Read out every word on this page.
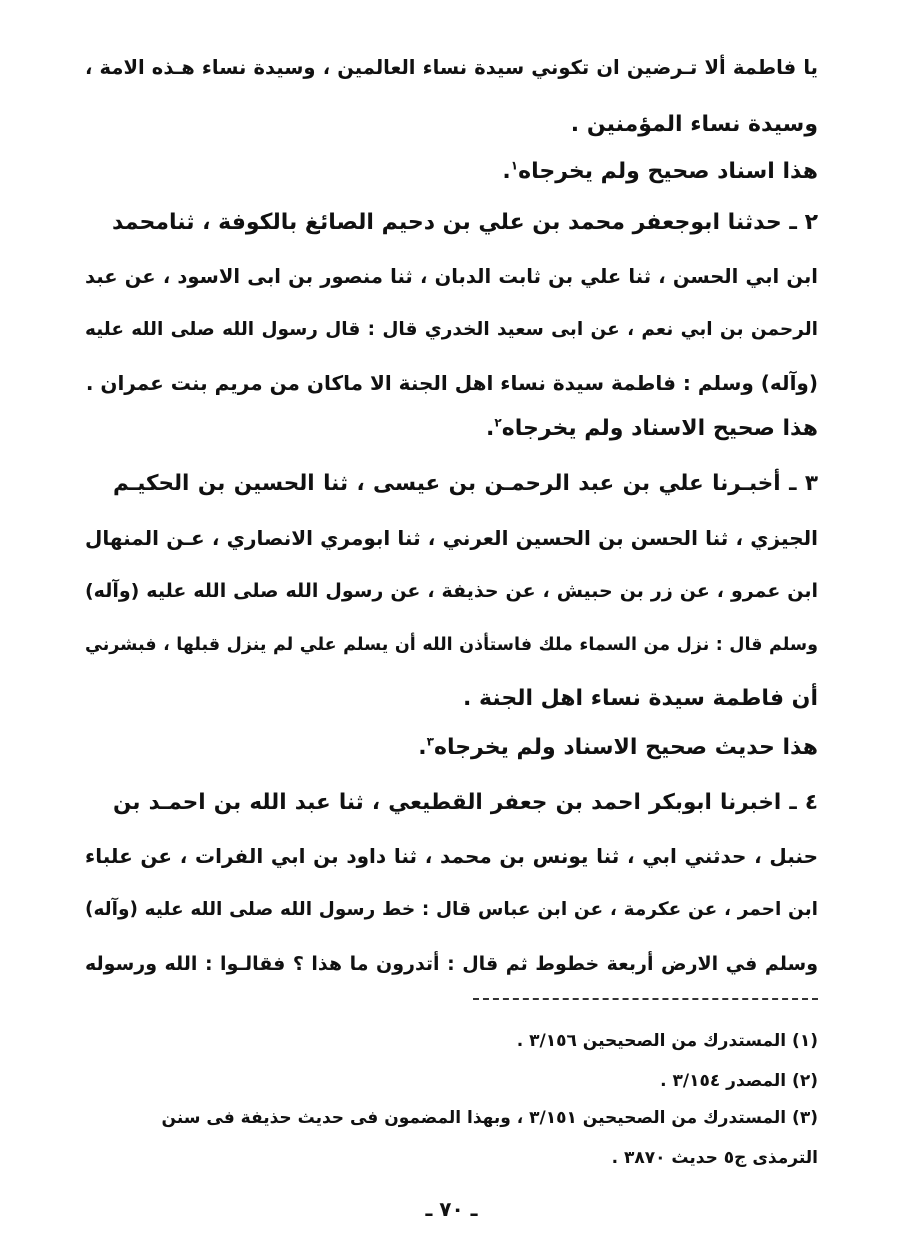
يا فاطمة ألا تـرضين ان تكوني سيدة نساء العالمين ، وسيدة نساء هـذه الامة ،
وسيدة نساء المؤمنين .
هذا اسناد صحيح ولم يخرجاه$^١$.
٢ ـ حدثنا ابوجعفر محمد بن علي بن دحيم الصائغ بالكوفة ، ثنامحمد
ابن ابي الحسن ، ثنا علي بن ثابت الدبان ، ثنا منصور بن ابى الاسود ، عن عبد
الرحمن بن ابي نعم ، عن ابى سعيد الخدري قال : قال رسول الله صلى الله عليه
(وآله) وسلم : فاطمة سيدة نساء اهل الجنة الا ماكان من مريم بنت عمران .
هذا صحيح الاسناد ولم يخرجاه$^٢$.
٣ ـ أخبـرنا علي بن عبد الرحمـن بن عيسى ، ثنا الحسين بن الحكيـم
الجيزي ، ثنا الحسن بن الحسين العرني ، ثنا ابومري الانصاري ، عـن المنهال
ابن عمرو ، عن زر بن حبيش ، عن حذيفة ، عن رسول الله صلى الله عليه (وآله)
وسلم قال : نزل من السماء ملك فاستأذن الله أن يسلم علي لم ينزل قبلها ، فبشرني
أن فاطمة سيدة نساء اهل الجنة .
هذا حديث صحيح الاسناد ولم يخرجاه$^٣$.
٤ ـ اخبرنا ابوبكر احمد بن جعفر القطيعي ، ثنا عبد الله بن احمـد بن
حنبل ، حدثني ابي ، ثنا يونس بن محمد ، ثنا داود بن ابي الفرات ، عن علباء
ابن احمر ، عن عكرمة ، عن ابن عباس قال : خط رسول الله صلى الله عليه (وآله)
وسلم في الارض أربعة خطوط ثم قال : أتدرون ما هذا ؟ فقالـوا : الله ورسوله
(١) المستدرك من الصحيحين ٣/١٥٦ .
(٢) المصدر ٣/١٥٤ .
(٣) المستدرك من الصحيحين ٣/١٥١ ، وبهذا المضمون فى حديث حذيفة فى سنن
الترمذى ج٥ حديث ٣٨٧٠ .
ـ ٧٠ ـ
